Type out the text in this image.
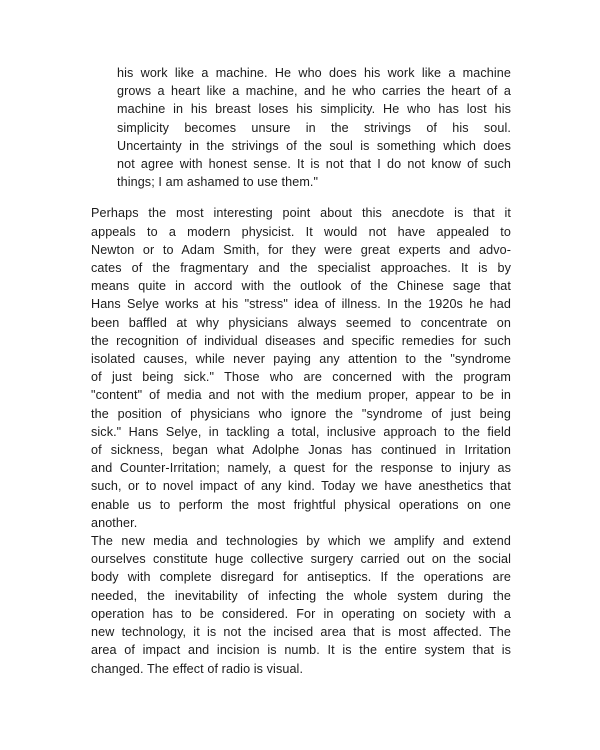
his work like a machine. He who does his work like a machine
grows a heart like a machine, and he who carries the heart of a
machine in his breast loses his simplicity. He who has lost his
simplicity becomes unsure in the strivings of his soul.
Uncertainty in the strivings of the soul is something which does
not agree with honest sense. It is not that I do not know of such
things; I am ashamed to use them."
Perhaps the most interesting point about this anecdote is that it
appeals to a modern physicist. It would not have appealed to
Newton or to Adam Smith, for they were great experts and advo-
cates of the fragmentary and the specialist approaches. It is by
means quite in accord with the outlook of the Chinese sage that
Hans Selye works at his "stress" idea of illness. In the 1920s he had
been baffled at why physicians always seemed to concentrate on
the recognition of individual diseases and specific remedies for such
isolated causes, while never paying any attention to the "syndrome
of just being sick." Those who are concerned with the program
"content" of media and not with the medium proper, appear to be in
the position of physicians who ignore the "syndrome of just being
sick." Hans Selye, in tackling a total, inclusive approach to the field
of sickness, began what Adolphe Jonas has continued in Irritation
and Counter-Irritation; namely, a quest for the response to injury as
such, or to novel impact of any kind. Today we have anesthetics that
enable us to perform the most frightful physical operations on one
another.
The new media and technologies by which we amplify and extend
ourselves constitute huge collective surgery carried out on the social
body with complete disregard for antiseptics. If the operations are
needed, the inevitability of infecting the whole system during the
operation has to be considered. For in operating on society with a
new technology, it is not the incised area that is most affected. The
area of impact and incision is numb. It is the entire system that is
changed. The effect of radio is visual.
